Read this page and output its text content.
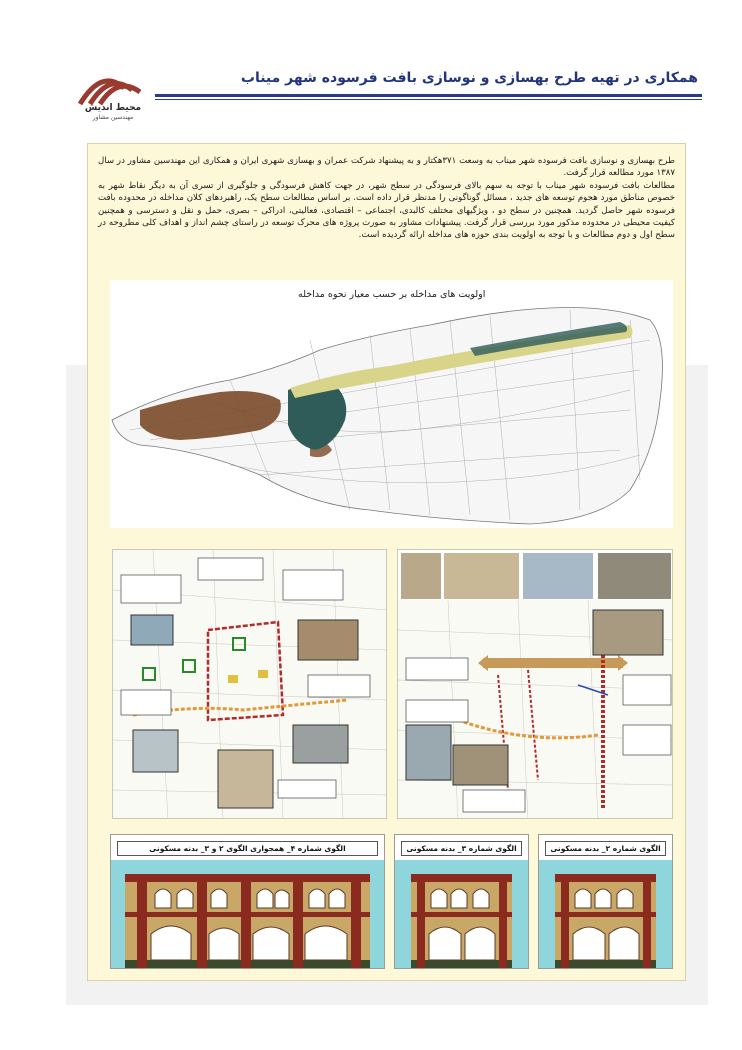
محیط اندیش
مهندسین مشاور
همکاری در تهیه طرح بهسازی و نوسازی بافت فرسوده شهر میناب

طرح بهسازی و نوسازی بافت فرسوده شهر میناب به وسعت ۳۷۱هکتار و به پیشنهاد شرکت عمران و بهسازی شهری ایران و همکاری این مهندسین مشاور در سال ۱۳۸۷ مورد مطالعه قرار گرفت.

مطالعات بافت فرسوده شهر میناب با توجه به سهم بالای فرسودگی در سطح شهر، در جهت کاهش فرسودگی و جلوگیری از تسری آن به دیگر نقاط شهر به خصوص مناطق مورد هجوم توسعه های جدید ، مسائل گوناگونی را مدنظر قرار داده است. بر اساس مطالعات سطح یک، راهبردهای کلان مداخله در محدوده بافت فرسوده شهر حاصل گردید. همچنین در سطح دو ، ویژگیهای مختلف کالبدی، اجتماعی – اقتصادی، فعالیتی، ادراکی – بصری، حمل و نقل و دسترسی و همچنین کیفیت محیطی در محدوده مذکور مورد بررسی قرار گرفت. پیشنهادات مشاور به صورت پروژه های محرک توسعه در راستای چشم انداز و اهداف کلی مطروحه در سطح اول و دوم مطالعات و با توجه به اولویت بندی حوزه های مداخله ارائه گردیده است.

اولویت های مداخله بر حسب معیار نحوه مداخله
الگوی شماره ۴_ همجواری الگوی ۲ و ۳_ بدنه مسکونی	الگوی شماره ۳_ بدنه مسکونی	الگوی شماره ۲_ بدنه مسکونی
